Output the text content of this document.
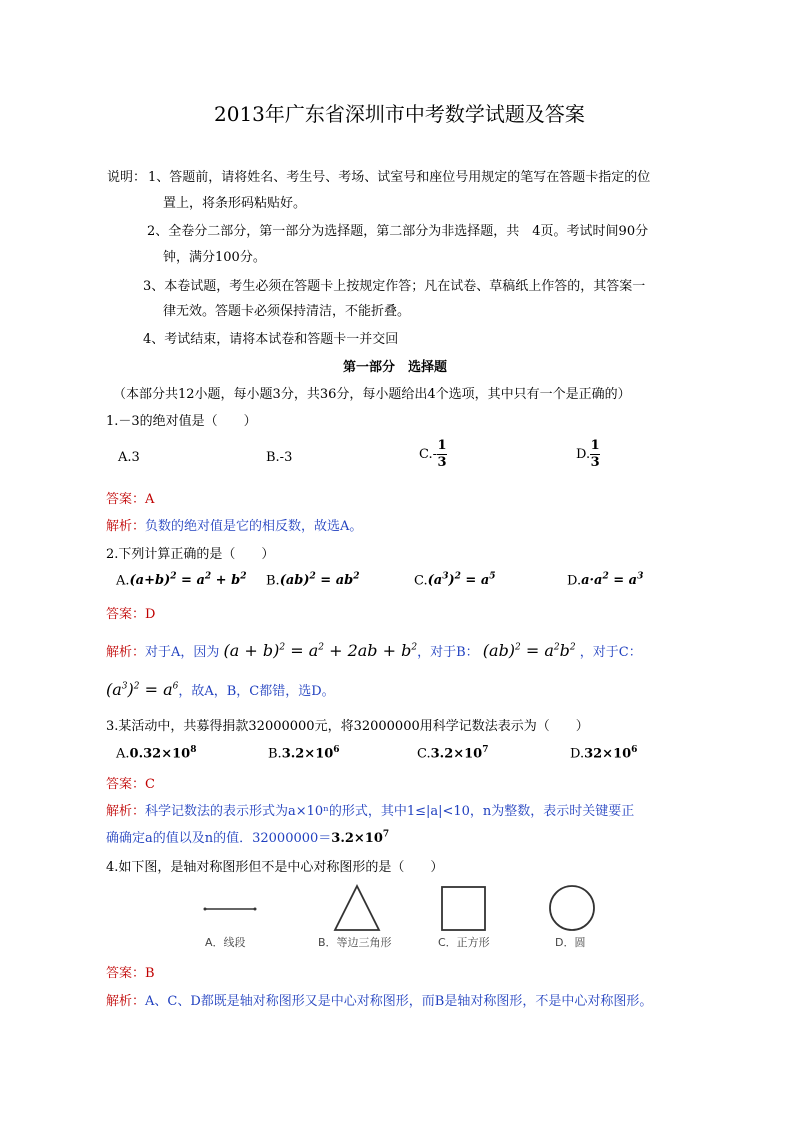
2013年广东省深圳市中考数学试题及答案
说明： 1、答题前，请将姓名、考生号、考场、试室号和座位号用规定的笔写在答题卡指定的位
置上，将条形码粘贴好。
2、全卷分二部分，第一部分为选择题，第二部分为非选择题，共　4页。考试时间90分
钟，满分100分。
3、本卷试题，考生必须在答题卡上按规定作答；凡在试卷、草稿纸上作答的，其答案一
律无效。答题卡必须保持清洁，不能折叠。
4、考试结束，请将本试卷和答题卡一并交回
第一部分　选择题
（本部分共12小题，每小题3分，共36分，每小题给出4个选项，其中只有一个是正确的）
1.－3的绝对值是（　　）
A.3	B.-3	$C.- \frac{1}{3}$	D. $\frac{1}{3}$
答案：A
解析：负数的绝对值是它的相反数，故选A。
2.下列计算正确的是（　　）
$A.(a+b)^2 = a^2 + b^2$ $B.(ab)^2 = ab^2$	$C.(a^3)^2 = a^5$	$D.a\cdot a^2 = a^3$
答案：D
解析：对于A，因为 $(a + b)^2 = a^2 + 2ab + b^2$，对于B： $(ab)^2 = a^2b^2$ ，对于C：
$(a^3)^2 = a^6$，故A，B，C都错，选D。
3.某活动中，共募得捐款32000000元，将32000000用科学记数法表示为（　　）
$A.0.32\times 10^8$	$B.3.2\times 10^6$	$C.3.2\times 10^7$	$D.32\times 10^6$
答案：C
解析：科学记数法的表示形式为a×10ⁿ的形式，其中1≤|a|<10，n为整数，表示时关键要正
确确定a的值以及n的值．$32000000=3.2\times 10^7$
4.如下图，是轴对称图形但不是中心对称图形的是（　　）
A．线段	B．等边三角形	C．正方形	D．圆
答案：B
解析：A、C、D都既是轴对称图形又是中心对称图形，而B是轴对称图形，不是中心对称图形。
